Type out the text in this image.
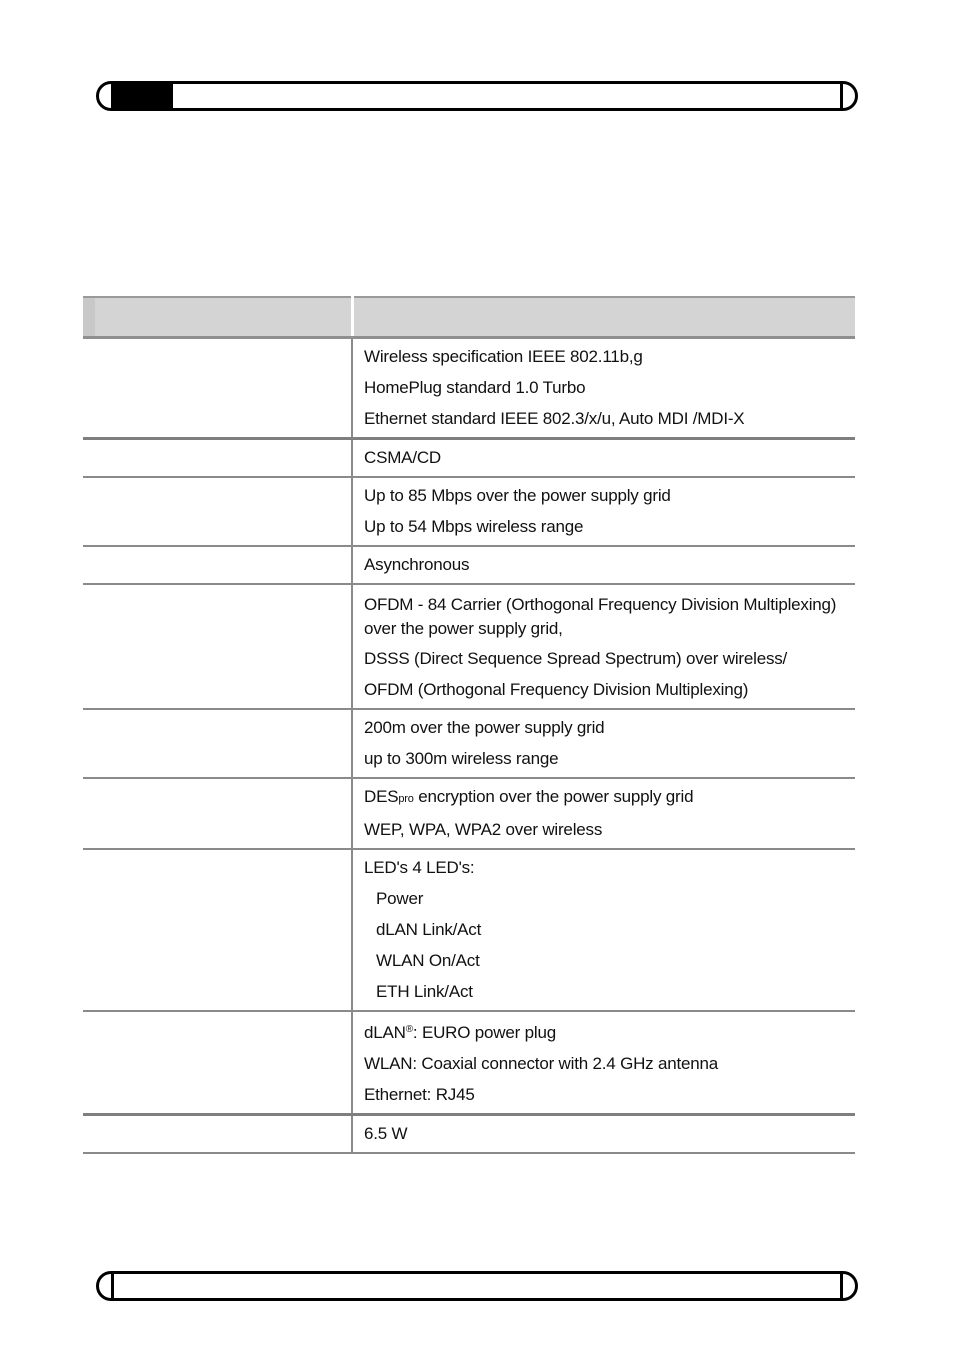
	Wireless specification IEEE 802.11b,g
HomePlug standard 1.0 Turbo
Ethernet standard IEEE 802.3/x/u, Auto MDI /MDI-X

	CSMA/CD

	Up to 85 Mbps over the power supply grid
Up to 54 Mbps wireless range

	Asynchronous

	OFDM - 84 Carrier (Orthogonal Frequency Division Multiplexing) over the power supply grid,
DSSS (Direct Sequence Spread Spectrum) over wireless/
OFDM (Orthogonal Frequency Division Multiplexing)

	200m over the power supply grid
up to 300m wireless range

	DESpro encryption over the power supply grid
WEP, WPA, WPA2 over wireless

	LED's 4 LED's:
Power
dLAN Link/Act
WLAN On/Act
ETH Link/Act

	dLAN®: EURO power plug
WLAN: Coaxial connector with 2.4 GHz antenna
Ethernet: RJ45

	6.5 W
